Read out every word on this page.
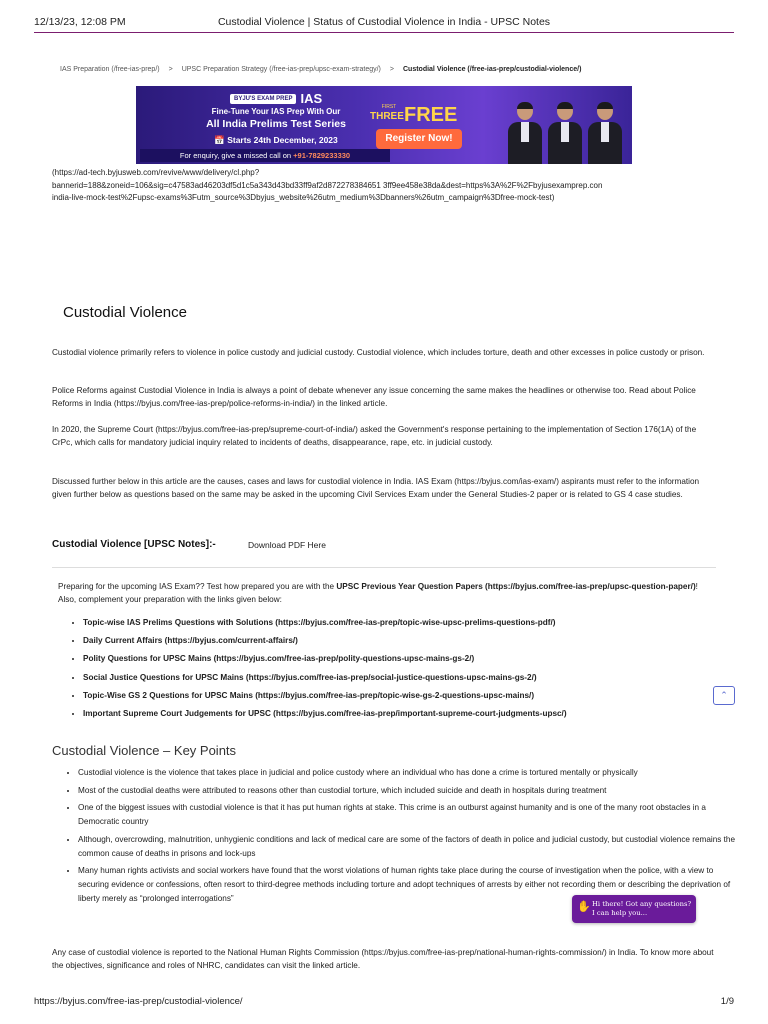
12/13/23, 12:08 PM	Custodial Violence | Status of Custodial Violence in India - UPSC Notes
IAS Preparation (/free-ias-prep/) > UPSC Preparation Strategy (/free-ias-prep/upsc-exam-strategy/) > Custodial Violence (/free-ias-prep/custodial-violence/)
BYJU'S EXAM PREP IAS
Fine-Tune Your IAS Prep With Our
All India Prelims Test Series
📅 Starts 24th December, 2023
For enquiry, give a missed call on +91-7829233330
FIRST
THREE FREE
Register Now!
(https://ad-tech.byjusweb.com/revive/www/delivery/cl.php?
bannerid=188&zoneid=106&sig=c47583ad46203df5d1c5a343d43bd33ff9af2d872278384651 3ff9ee458e38da&dest=https%3A%2F%2Fbyjusexamprep.con
india-live-mock-test%2Fupsc-exams%3Futm_source%3Dbyjus_website%26utm_medium%3Dbanners%26utm_campaign%3Dfree-mock-test)
Custodial Violence

Custodial violence primarily refers to violence in police custody and judicial custody. Custodial violence, which includes torture, death and other excesses in police custody or prison.

Police Reforms against Custodial Violence in India is always a point of debate whenever any issue concerning the same makes the headlines or otherwise too. Read about Police Reforms in India (https://byjus.com/free-ias-prep/police-reforms-in-india/) in the linked article.

In 2020, the Supreme Court (https://byjus.com/free-ias-prep/supreme-court-of-india/) asked the Government's response pertaining to the implementation of Section 176(1A) of the CrPc, which calls for mandatory judicial inquiry related to incidents of deaths, disappearance, rape, etc. in judicial custody.

Discussed further below in this article are the causes, cases and laws for custodial violence in India. IAS Exam (https://byjus.com/ias-exam/) aspirants must refer to the information given further below as questions based on the same may be asked in the upcoming Civil Services Exam under the General Studies-2 paper or is related to GS 4 case studies.

Custodial Violence [UPSC Notes]:-	Download PDF Here
Preparing for the upcoming IAS Exam?? Test how prepared you are with the UPSC Previous Year Question Papers (https://byjus.com/free-ias-prep/upsc-question-paper/)! Also, complement your preparation with the links given below:
• Topic-wise IAS Prelims Questions with Solutions (https://byjus.com/free-ias-prep/topic-wise-upsc-prelims-questions-pdf/)
• Daily Current Affairs (https://byjus.com/current-affairs/)
• Polity Questions for UPSC Mains (https://byjus.com/free-ias-prep/polity-questions-upsc-mains-gs-2/)
• Social Justice Questions for UPSC Mains (https://byjus.com/free-ias-prep/social-justice-questions-upsc-mains-gs-2/)
• Topic-Wise GS 2 Questions for UPSC Mains (https://byjus.com/free-ias-prep/topic-wise-gs-2-questions-upsc-mains/)
• Important Supreme Court Judgements for UPSC (https://byjus.com/free-ias-prep/important-supreme-court-judgments-upsc/)
⌃
Custodial Violence – Key Points
• Custodial violence is the violence that takes place in judicial and police custody where an individual who has done a crime is tortured mentally or physically
• Most of the custodial deaths were attributed to reasons other than custodial torture, which included suicide and death in hospitals during treatment
• One of the biggest issues with custodial violence is that it has put human rights at stake. This crime is an outburst against humanity and is one of the many root obstacles in a Democratic country
• Although, overcrowding, malnutrition, unhygienic conditions and lack of medical care are some of the factors of death in police and judicial custody, but custodial violence remains the common cause of deaths in prisons and lock-ups
• Many human rights activists and social workers have found that the worst violations of human rights take place during the course of investigation when the police, with a view to securing evidence or confessions, often resort to third-degree methods including torture and adopt techniques of arrests by either not recording them or describing the deprivation of liberty merely as “prolonged interrogations”

Any case of custodial violence is reported to the National Human Rights Commission (https://byjus.com/free-ias-prep/national-human-rights-commission/) in India. To know more about the objectives, significance and roles of NHRC, candidates can visit the linked article.

✋ Hi there! Got any questions?
I can help you...
https://byjus.com/free-ias-prep/custodial-violence/	1/9
